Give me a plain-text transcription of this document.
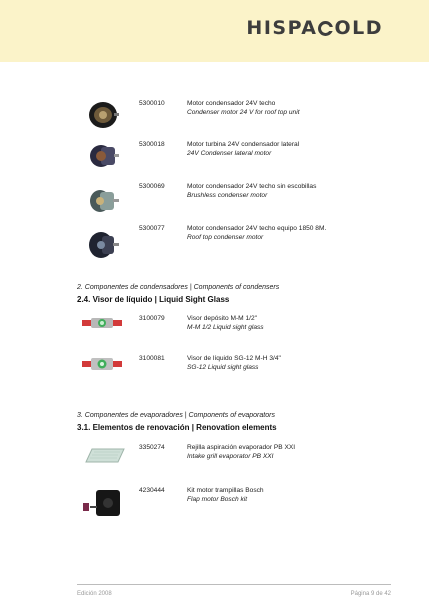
HISPA OLD
5300010	Motor condensador 24V techo
Condenser motor 24 V for roof top unit
5300018	Motor turbina 24V condensador lateral
24V Condenser lateral motor
5300069	Motor condensador 24V techo sin escobillas
Brushless condenser motor
5300077	Motor condensador 24V techo equipo 1850 8M.
Roof top condenser motor
2. Componentes de condensadores | Components of condensers
2.4. Visor de líquido | Liquid Sight Glass
3100079	Visor depósito M-M 1/2"
M-M 1/2 Liquid sight glass
3100081	Visor de líquido SG-12 M-H 3/4"
SG-12 Liquid sight glass
3. Componentes de evaporadores | Components of evaporators
3.1. Elementos de renovación | Renovation elements
3350274	Rejilla aspiración evaporador PB XXI
Intake grill evaporator PB XXI
4230444	Kit motor trampillas Bosch
Flap motor Bosch kit
Edición 2008	Página 9 de 42
